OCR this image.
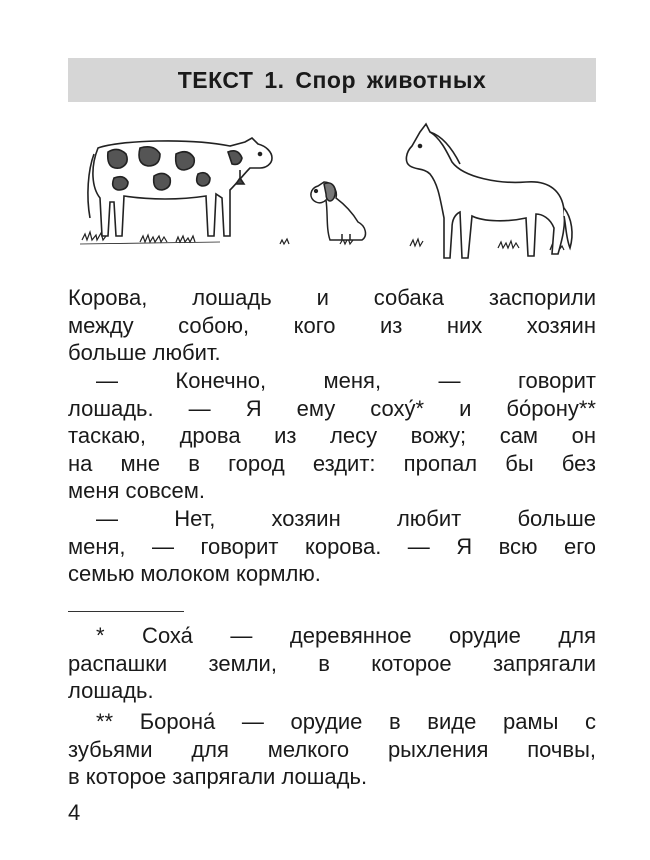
ТЕКСТ 1. Спор животных

Корова, лошадь и собака заспорили
между собою, кого из них хозяин
больше любит.

— Конечно, меня, — говорит
лошадь. — Я ему соху́* и бо́рону**
таскаю, дрова из лесу вожу; сам он
на мне в город ездит: пропал бы без
меня совсем.

— Нет, хозяин любит больше
меня, — говорит корова. — Я всю его
семью молоком кормлю.

* Соха́ — деревянное орудие для
распашки земли, в которое запрягали
лошадь.

** Борона́ — орудие в виде рамы с
зубьями для мелкого рыхления почвы,
в которое запрягали лошадь.

4
